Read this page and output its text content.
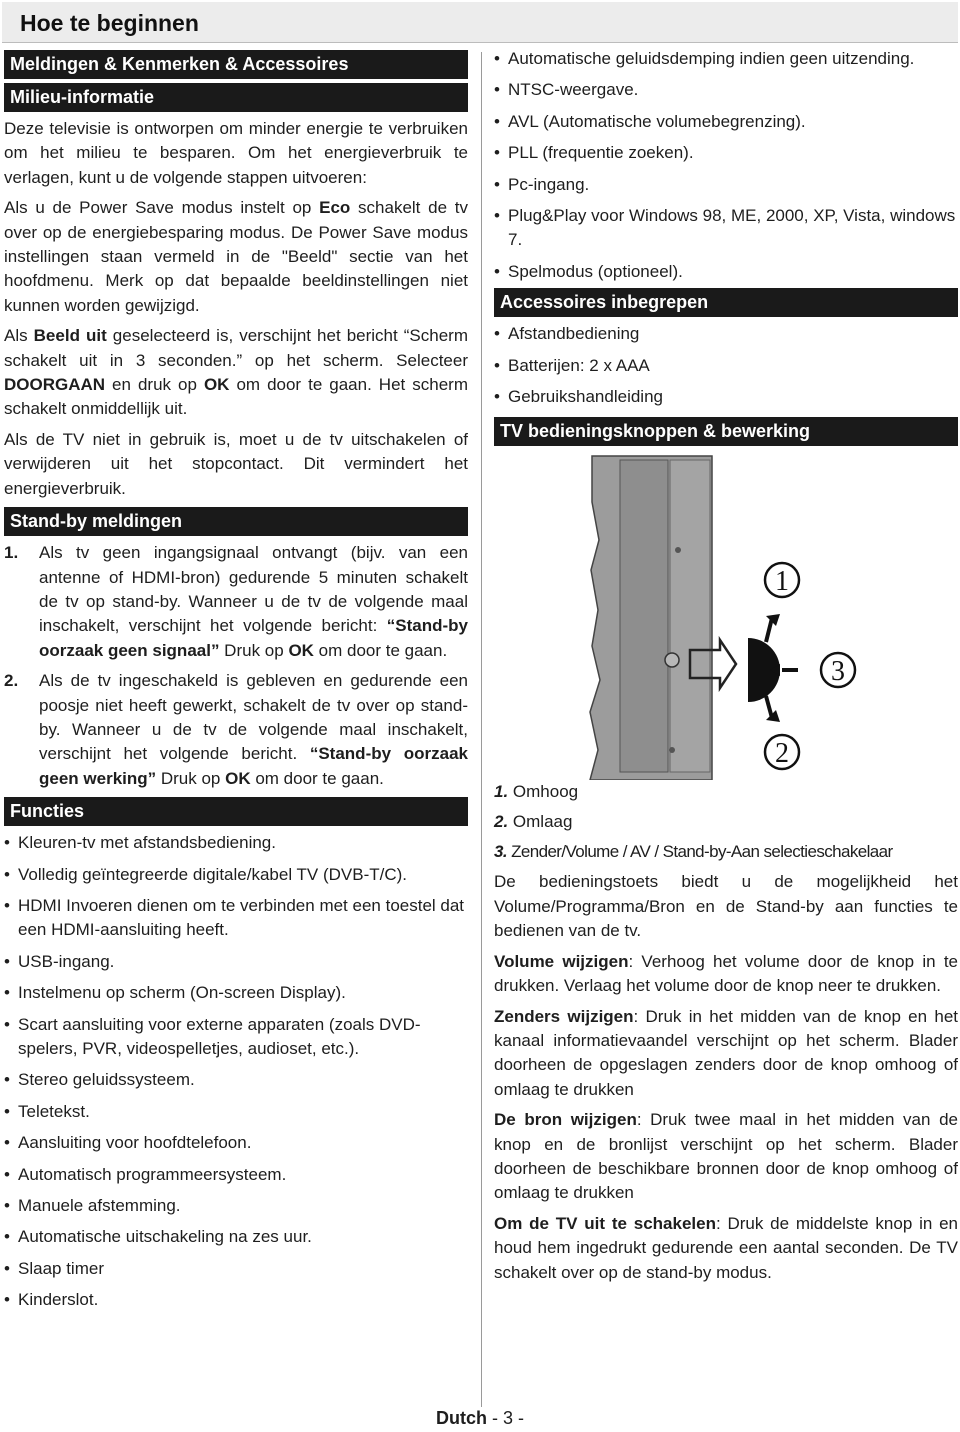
Hoe te beginnen
Meldingen & Kenmerken & Accessoires
Milieu-informatie

Deze televisie is ontworpen om minder energie te verbruiken om het milieu te besparen. Om het energieverbruik te verlagen, kunt u de volgende stappen uitvoeren:

Als u de Power Save modus instelt op Eco schakelt de tv over op de energiebesparing modus. De Power Save modus instellingen staan vermeld in de "Beeld" sectie van het hoofdmenu. Merk op dat bepaalde beeldinstellingen niet kunnen worden gewijzigd.

Als Beeld uit geselecteerd is, verschijnt het bericht “Scherm schakelt uit in 3 seconden.” op het scherm. Selecteer DOORGAAN en druk op OK om door te gaan. Het scherm schakelt onmiddellijk uit.

Als de TV niet in gebruik is, moet u de tv uitschakelen of verwijderen uit het stopcontact. Dit vermindert het energieverbruik.

Stand-by meldingen
1. Als tv geen ingangsignaal ontvangt (bijv. van een antenne of HDMI-bron) gedurende 5 minuten schakelt de tv op stand-by. Wanneer u de tv de volgende maal inschakelt, verschijnt het volgende bericht: “Stand-by oorzaak geen signaal” Druk op OK om door te gaan.
2. Als de tv ingeschakeld is gebleven en gedurende een poosje niet heeft gewerkt, schakelt de tv over op stand-by. Wanneer u de tv de volgende maal inschakelt, verschijnt het volgende bericht. “Stand-by oorzaak geen werking” Druk op OK om door te gaan.
Functies
• Kleuren-tv met afstandsbediening.
• Volledig geïntegreerde digitale/kabel TV (DVB-T/C).
• HDMI Invoeren dienen om te verbinden met een toestel dat een HDMI-aansluiting heeft.
• USB-ingang.
• Instelmenu op scherm (On-screen Display).
• Scart aansluiting voor externe apparaten (zoals DVD-spelers, PVR, videospelletjes, audioset, etc.).
• Stereo geluidssysteem.
• Teletekst.
• Aansluiting voor hoofdtelefoon.
• Automatisch programmeersysteem.
• Manuele afstemming.
• Automatische uitschakeling na zes uur.
• Slaap timer
• Kinderslot.
• Automatische geluidsdemping indien geen uitzending.
• NTSC-weergave.
• AVL (Automatische volumebegrenzing).
• PLL (frequentie zoeken).
• Pc-ingang.
• Plug&Play voor Windows 98, ME, 2000, XP, Vista, windows 7.
• Spelmodus (optioneel).
Accessoires inbegrepen
• Afstandbediening
• Batterijen: 2 x AAA
• Gebruikshandleiding
TV bedieningsknoppen & bewerking
1
3
2
1. Omhoog
2. Omlaag
3. Zender/Volume / AV / Stand-by-Aan selectieschakelaar

De bedieningstoets biedt u de mogelijkheid het Volume/Programma/Bron en de Stand-by aan functies te bedienen van de tv.

Volume wijzigen: Verhoog het volume door de knop in te drukken. Verlaag het volume door de knop neer te drukken.

Zenders wijzigen: Druk in het midden van de knop en het kanaal informatievaandel verschijnt op het scherm. Blader doorheen de opgeslagen zenders door de knop omhoog of omlaag te drukken

De bron wijzigen: Druk twee maal in het midden van de knop en de bronlijst verschijnt op het scherm. Blader doorheen de beschikbare bronnen door de knop omhoog of omlaag te drukken

Om de TV uit te schakelen: Druk de middelste knop in en houd hem ingedrukt gedurende een aantal seconden. De TV schakelt over op de stand-by modus.

Dutch - 3 -
